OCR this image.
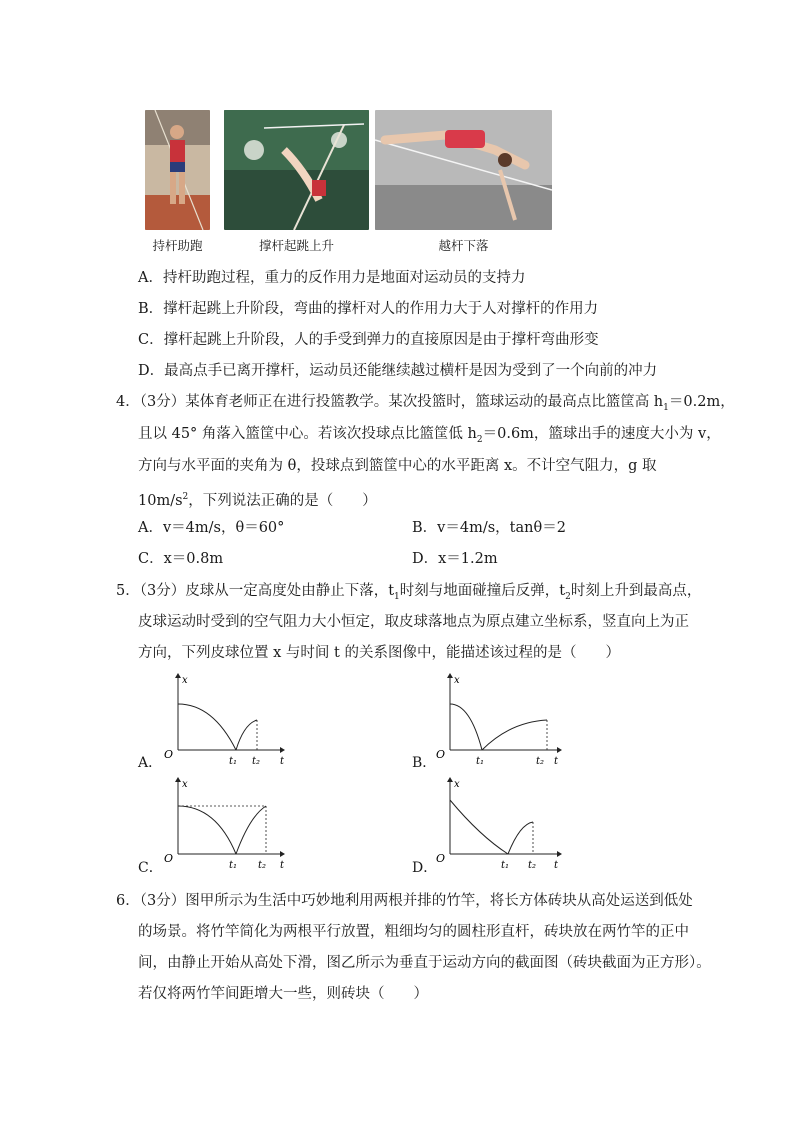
持杆助跑	撑杆起跳上升	越杆下落
A．持杆助跑过程，重力的反作用力是地面对运动员的支持力
B．撑杆起跳上升阶段，弯曲的撑杆对人的作用力大于人对撑杆的作用力
C．撑杆起跳上升阶段，人的手受到弹力的直接原因是由于撑杆弯曲形变
D．最高点手已离开撑杆，运动员还能继续越过横杆是因为受到了一个向前的冲力
4．（3分）某体育老师正在进行投篮教学。某次投篮时，篮球运动的最高点比篮筐高 $h_1=0.2m$，
且以 45° 角落入篮筐中心。若该次投球点比篮筐低 $h_2=0.6m$，篮球出手的速度大小为 v，
方向与水平面的夹角为 θ，投球点到篮筐中心的水平距离 x。不计空气阻力，g 取
$10m/s^2$，下列说法正确的是（　　）
A．v＝4m/s，θ＝60°	B．v＝4m/s，tanθ＝2
C．x＝0.8m	D．x＝1.2m
5．（3分）皮球从一定高度处由静止下落，$t_1$时刻与地面碰撞后反弹，$t_2$时刻上升到最高点，
皮球运动时受到的空气阻力大小恒定，取皮球落地点为原点建立坐标系，竖直向上为正
方向，下列皮球位置 x 与时间 t 的关系图像中，能描述该过程的是（　　）
A．
x
t
O
t₁ t₂	B．
x
t
O
t₁	t₂
C．
x
t
O
t₁ t₂	D．
x
t
O
t₁ t₂
6．（3分）图甲所示为生活中巧妙地利用两根并排的竹竿，将长方体砖块从高处运送到低处
的场景。将竹竿简化为两根平行放置，粗细均匀的圆柱形直杆，砖块放在两竹竿的正中
间，由静止开始从高处下滑，图乙所示为垂直于运动方向的截面图（砖块截面为正方形）。
若仅将两竹竿间距增大一些，则砖块（　　）
